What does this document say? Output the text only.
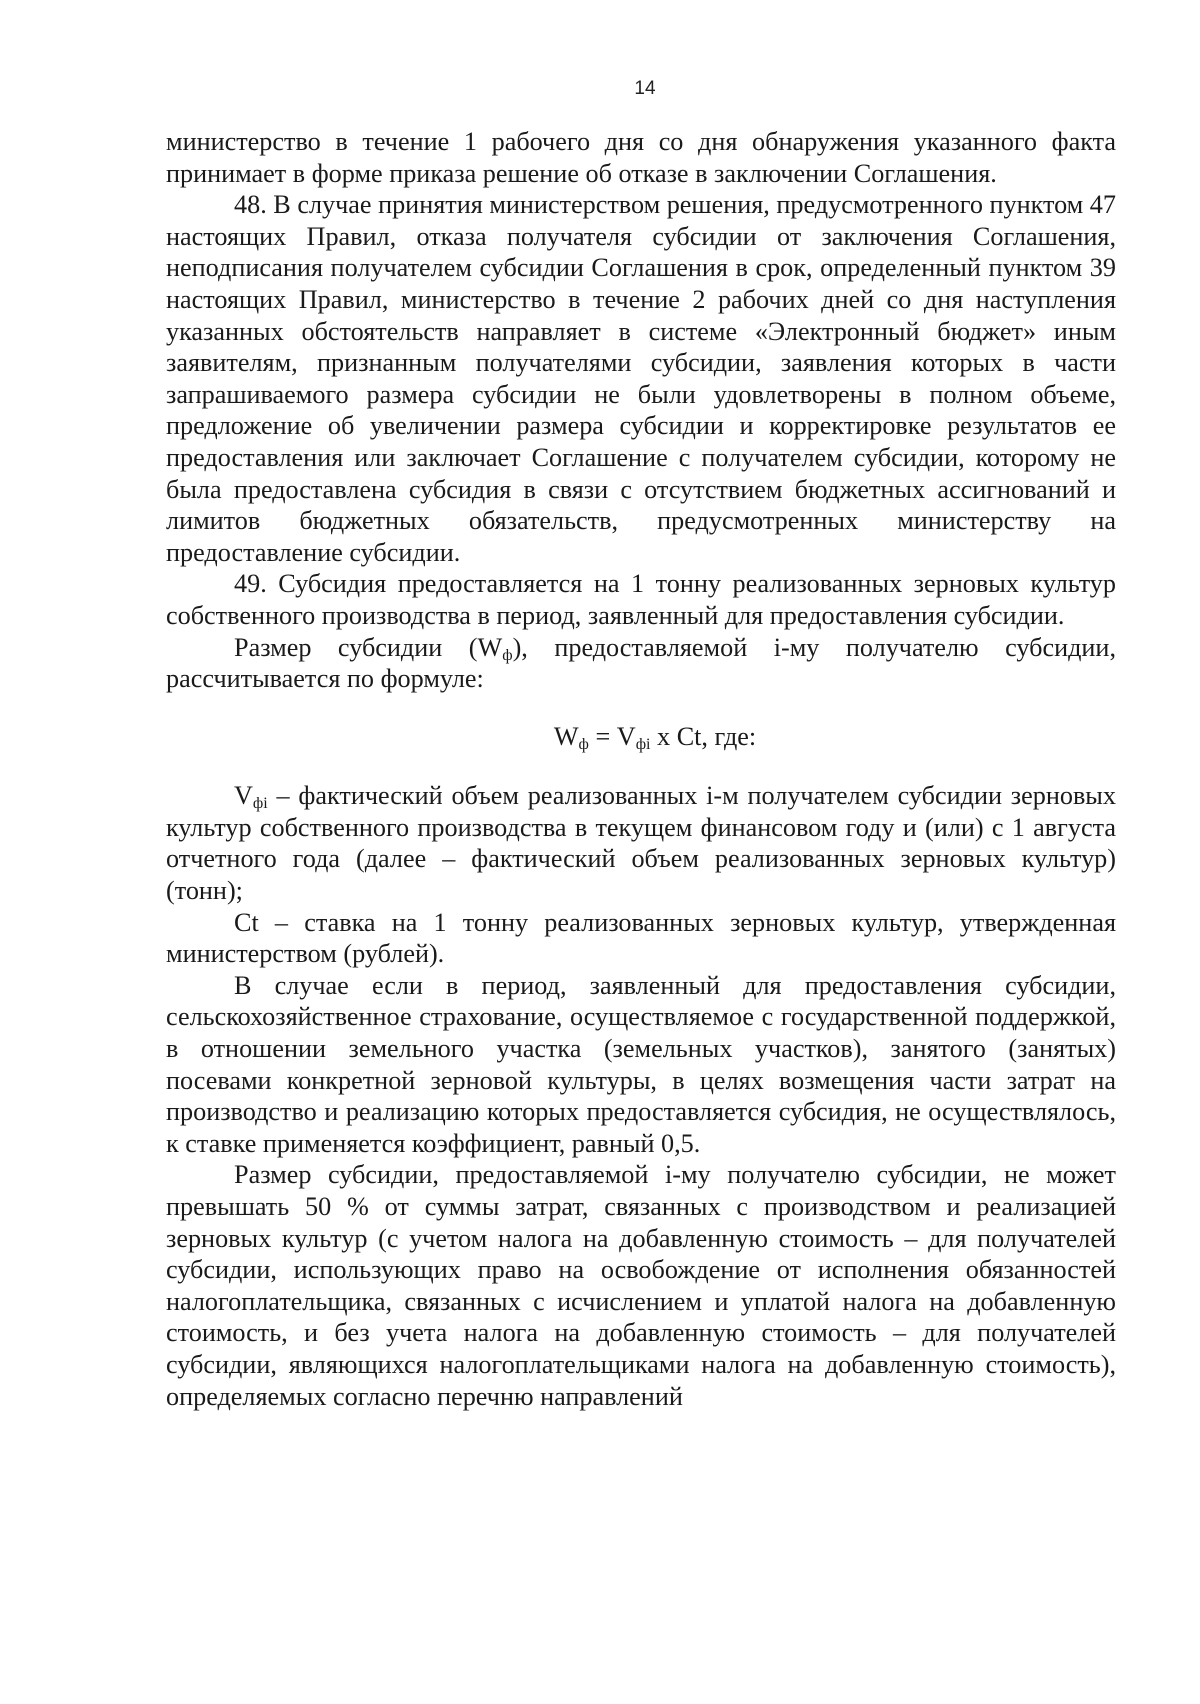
14

министерство в течение 1 рабочего дня со дня обнаружения указанного факта принимает в форме приказа решение об отказе в заключении Соглашения.

48. В случае принятия министерством решения, предусмотренного пунктом 47 настоящих Правил, отказа получателя субсидии от заключения Соглашения, неподписания получателем субсидии Соглашения в срок, определенный пунктом 39 настоящих Правил, министерство в течение 2 рабочих дней со дня наступления указанных обстоятельств направляет в системе «Электронный бюджет» иным заявителям, признанным получателями субсидии, заявления которых в части запрашиваемого размера субсидии не были удовлетворены в полном объеме, предложение об увеличении размера субсидии и корректировке результатов ее предоставления или заключает Соглашение с получателем субсидии, которому не была предоставлена субсидия в связи с отсутствием бюджетных ассигнований и лимитов бюджетных обязательств, предусмотренных министерству на предоставление субсидии.

49. Субсидия предоставляется на 1 тонну реализованных зерновых культур собственного производства в период, заявленный для предоставления субсидии.

Размер субсидии $(W_ф)$, предоставляемой i-му получателю субсидии, рассчитывается по формуле:

$W_ф = V_{фi}$ x Ct, где:

$V_{фi}$ – фактический объем реализованных i-м получателем субсидии зерновых культур собственного производства в текущем финансовом году и (или) с 1 августа отчетного года (далее – фактический объем реализованных зерновых культур) (тонн);

Ct – ставка на 1 тонну реализованных зерновых культур, утвержденная министерством (рублей).

В случае если в период, заявленный для предоставления субсидии, сельскохозяйственное страхование, осуществляемое с государственной поддержкой, в отношении земельного участка (земельных участков), занятого (занятых) посевами конкретной зерновой культуры, в целях возмещения части затрат на производство и реализацию которых предоставляется субсидия, не осуществлялось, к ставке применяется коэффициент, равный 0,5.

Размер субсидии, предоставляемой i-му получателю субсидии, не может превышать 50 % от суммы затрат, связанных с производством и реализацией зерновых культур (с учетом налога на добавленную стоимость – для получателей субсидии, использующих право на освобождение от исполнения обязанностей налогоплательщика, связанных с исчислением и уплатой налога на добавленную стоимость, и без учета налога на добавленную стоимость – для получателей субсидии, являющихся налогоплательщиками налога на добавленную стоимость), определяемых согласно перечню направлений
